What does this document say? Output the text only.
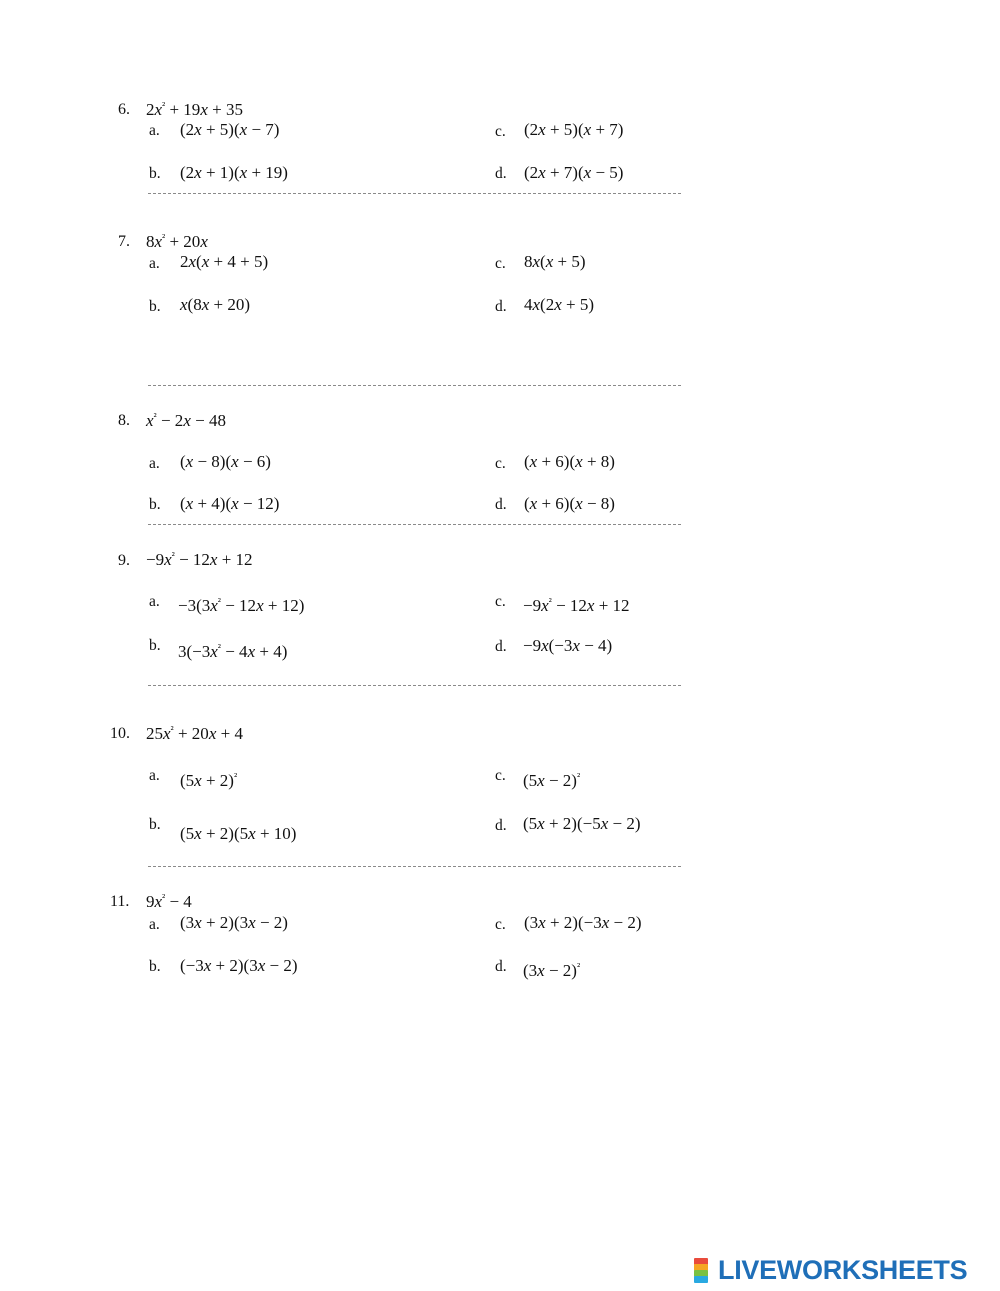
6. $2x^{^2} + 19x + 35$
a. (2x + 5)(x − 7)	c. (2x + 5)(x + 7)
b. (2x + 1)(x + 19)	d. (2x + 7)(x − 5)
7. $8x^{^2} + 20x$
a. 2x(x + 4 + 5)	c. 8x(x + 5)
b. x(8x + 20)	d. 4x(2x + 5)
8. $x^{^2} - 2x - 48$
a. (x − 8)(x − 6)	c. (x + 6)(x + 8)
b. (x + 4)(x − 12)	d. (x + 6)(x − 8)
9. $-9x^{^2} - 12x + 12$
a. $-3(3x^{^2} - 12x + 12)$	c. $-9x^{^2} - 12x + 12$
b. $3(-3x^{^2} - 4x + 4)$	d. −9x(−3x − 4)
10. $25x^{^2} + 20x + 4$
a. $(5x + 2)^{^2}$	c. $(5x - 2)^{^2}$
b. (5x + 2)(5x + 10)	d. (5x + 2)(−5x − 2)
11. $9x^{^2} - 4$
a. (3x + 2)(3x − 2)	c. (3x + 2)(−3x − 2)
b. (−3x + 2)(3x − 2)	d. $(3x - 2)^{^2}$
LIVEWORKSHEETS
